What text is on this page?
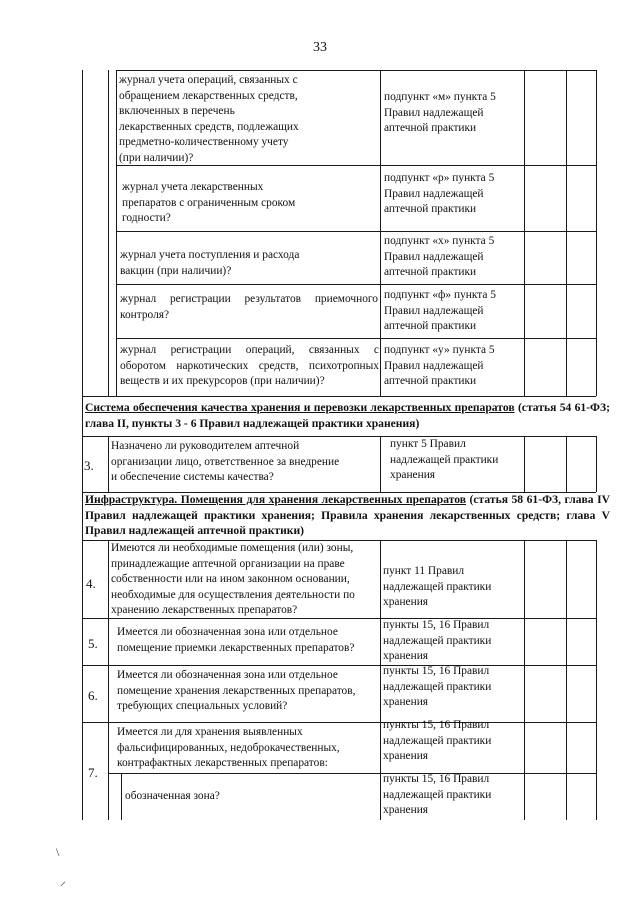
33
журнал учета операций, связанных с
обращением лекарственных средств,
включенных в перечень
лекарственных средств, подлежащих
предметно-количественному учету
(при наличии)?
подпункт «м» пункта 5
Правил надлежащей
аптечной практики
журнал учета лекарственных
препаратов с ограниченным сроком
годности?
подпункт «р» пункта 5
Правил надлежащей
аптечной практики
журнал учета поступления и расхода
вакцин (при наличии)?
подпункт «х» пункта 5
Правил надлежащей
аптечной практики
журнал регистрации результатов приемочного
контроля?
подпункт «ф» пункта 5
Правил надлежащей
аптечной практики
журнал регистрации операций, связанных с
оборотом наркотических средств, психотропных
веществ и их прекурсоров (при наличии)?
подпункт «у» пункта 5
Правил надлежащей
аптечной практики
Система обеспечения качества хранения и перевозки лекарственных препаратов (статья 54 61-ФЗ; глава II, пункты 3 - 6 Правил надлежащей практики хранения)
3.
Назначено ли руководителем аптечной
организации лицо, ответственное за внедрение
и обеспечение системы качества?
пункт 5 Правил
надлежащей практики
хранения
Инфраструктура. Помещения для хранения лекарственных препаратов (статья 58 61-ФЗ, глава IV Правил надлежащей практики хранения; Правила хранения лекарственных средств; глава V Правил надлежащей аптечной практики)
4.
Имеются ли необходимые помещения (или) зоны,
принадлежащие аптечной организации на праве
собственности или на ином законном основании,
необходимые для осуществления деятельности по
хранению лекарственных препаратов?
пункт 11 Правил
надлежащей практики
хранения
5.
Имеется ли обозначенная зона или отдельное
помещение приемки лекарственных препаратов?
пункты 15, 16 Правил
надлежащей практики
хранения
6.
Имеется ли обозначенная зона или отдельное
помещение хранения лекарственных препаратов,
требующих специальных условий?
пункты 15, 16 Правил
надлежащей практики
хранения
7.
Имеется ли для хранения выявленных
фальсифицированных, недоброкачественных,
контрафактных лекарственных препаратов:
пункты 15, 16 Правил
надлежащей практики
хранения
обозначенная зона?
пункты 15, 16 Правил
надлежащей практики
хранения
\
⸝
